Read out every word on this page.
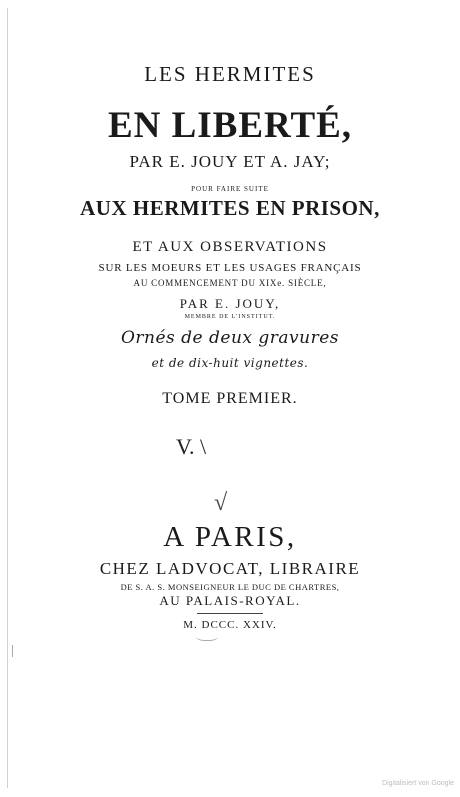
LES HERMITES
EN LIBERTÉ,
PAR E. JOUY ET A. JAY;
POUR FAIRE SUITE
AUX HERMITES EN PRISON,
ET AUX OBSERVATIONS
SUR LES MOEURS ET LES USAGES FRANÇAIS
AU COMMENCEMENT DU XIXe. SIÈCLE,
PAR E. JOUY,
MEMBRE DE L'INSTITUT.
Ornés de deux gravures
et de dix-huit vignettes.
TOME PREMIER.
V. \
√
A PARIS,
CHEZ LADVOCAT, LIBRAIRE
DE S. A. S. MONSEIGNEUR LE DUC DE CHARTRES,
AU PALAIS-ROYAL.
M. DCCC. XXIV.
Digitalisiert von Google
